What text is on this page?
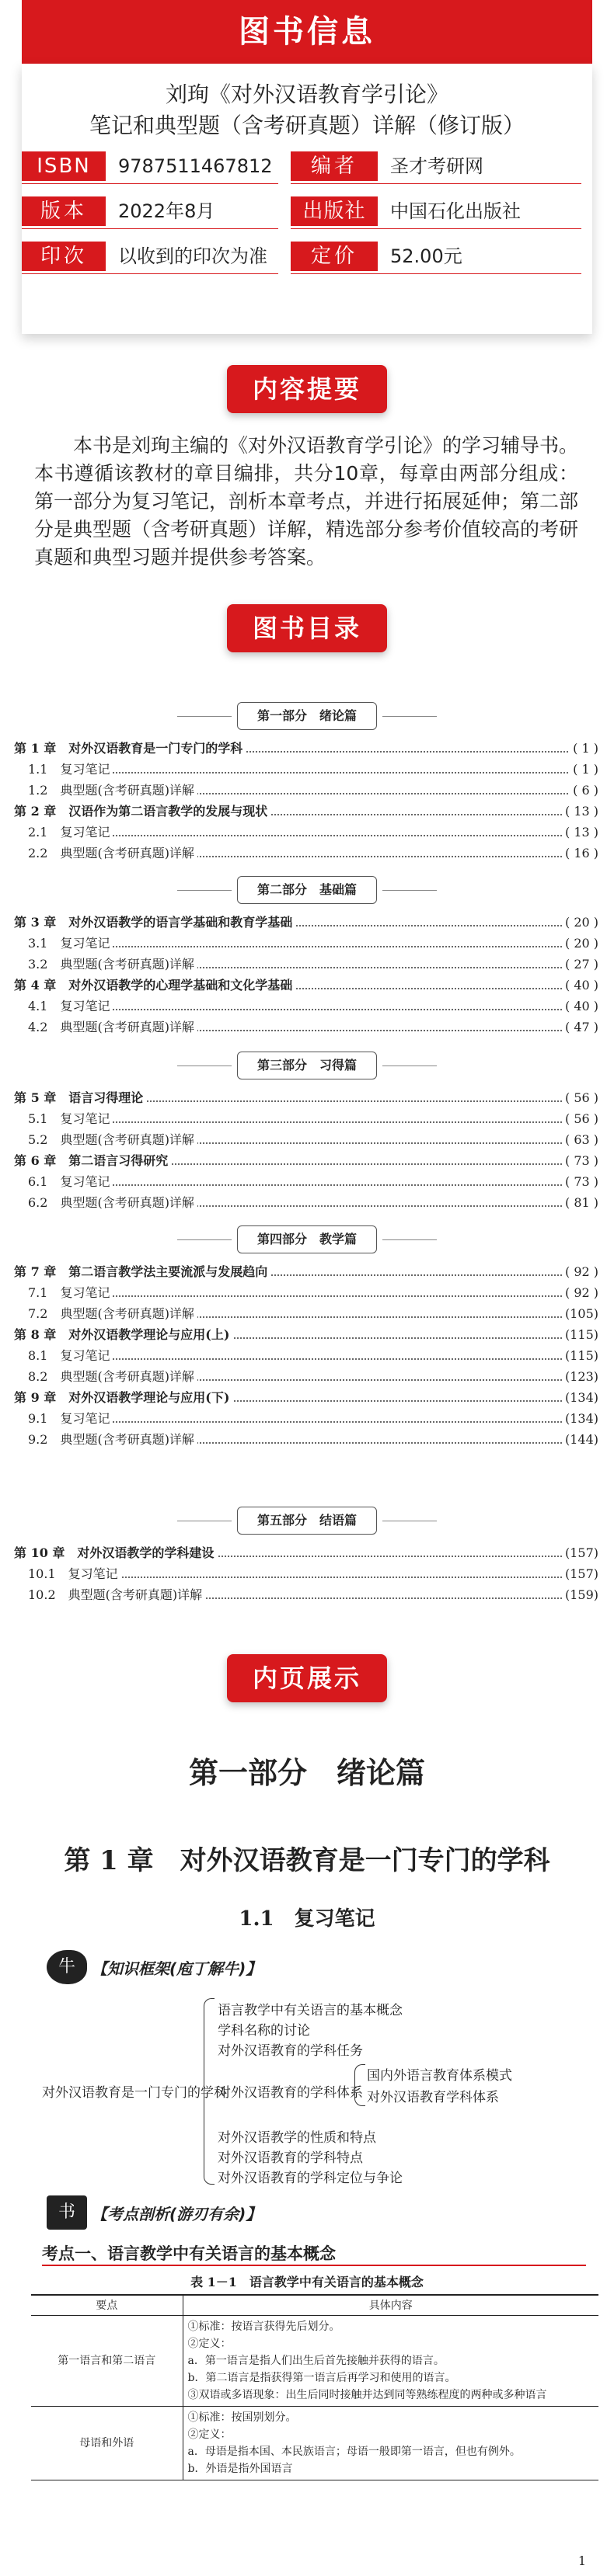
图书信息
刘珣《对外汉语教育学引论》
笔记和典型题（含考研真题）详解（修订版）
ISBN	9787511467812	编者	圣才考研网
版本	2022年8月	出版社	中国石化出版社
印次	以收到的印次为准	定价	52.00元
内容提要

本书是刘珣主编的《对外汉语教育学引论》的学习辅导书。本书遵循该教材的章目编排，共分10章，每章由两部分组成：第一部分为复习笔记，剖析本章考点，并进行拓展延伸；第二部分是典型题（含考研真题）详解，精选部分参考价值较高的考研真题和典型习题并提供参考答案。

图书目录
第一部分　绪论篇
第二部分　基础篇
第三部分　习得篇
第四部分　教学篇
第五部分　结语篇
第 1 章　对外汉语教育是一门专门的学科	( 1 )
1.1　复习笔记	( 1 )
1.2　典型题(含考研真题)详解	( 6 )
第 2 章　汉语作为第二语言教学的发展与现状	( 13 )
2.1　复习笔记	( 13 )
2.2　典型题(含考研真题)详解	( 16 )
第 3 章　对外汉语教学的语言学基础和教育学基础	( 20 )
3.1　复习笔记	( 20 )
3.2　典型题(含考研真题)详解	( 27 )
第 4 章　对外汉语教学的心理学基础和文化学基础	( 40 )
4.1　复习笔记	( 40 )
4.2　典型题(含考研真题)详解	( 47 )
第 5 章　语言习得理论	( 56 )
5.1　复习笔记	( 56 )
5.2　典型题(含考研真题)详解	( 63 )
第 6 章　第二语言习得研究	( 73 )
6.1　复习笔记	( 73 )
6.2　典型题(含考研真题)详解	( 81 )
第 7 章　第二语言教学法主要流派与发展趋向	( 92 )
7.1　复习笔记	( 92 )
7.2　典型题(含考研真题)详解	(105)
第 8 章　对外汉语教学理论与应用(上)	(115)
8.1　复习笔记	(115)
8.2　典型题(含考研真题)详解	(123)
第 9 章　对外汉语教学理论与应用(下)	(134)
9.1　复习笔记	(134)
9.2　典型题(含考研真题)详解	(144)
第 10 章　对外汉语教学的学科建设	(157)
10.1　复习笔记	(157)
10.2　典型题(含考研真题)详解	(159)
内页展示
第一部分　绪论篇
第 1 章　对外汉语教育是一门专门的学科
1.1　复习笔记
牛	【知识框架(庖丁解牛)】
对外汉语教育是一门专门的学科
语言教学中有关语言的基本概念
学科名称的讨论
对外汉语教育的学科任务
对外汉语教育的学科体系
国内外语言教育体系模式
对外汉语教育学科体系
对外汉语教学的性质和特点
对外汉语教育的学科特点
对外汉语教育的学科定位与争论
书	【考点剖析(游刃有余)】
考点一、语言教学中有关语言的基本概念
表 1－1　语言教学中有关语言的基本概念
要点	具体内容
第一语言和第二语言	①标准：按语言获得先后划分。
②定义：
a．第一语言是指人们出生后首先接触并获得的语言。
b．第二语言是指获得第一语言后再学习和使用的语言。
③双语或多语现象：出生后同时接触并达到同等熟练程度的两种或多种语言

母语和外语	①标准：按国别划分。
②定义：
a．母语是指本国、本民族语言；母语一般即第一语言，但也有例外。
b．外语是指外国语言
1
